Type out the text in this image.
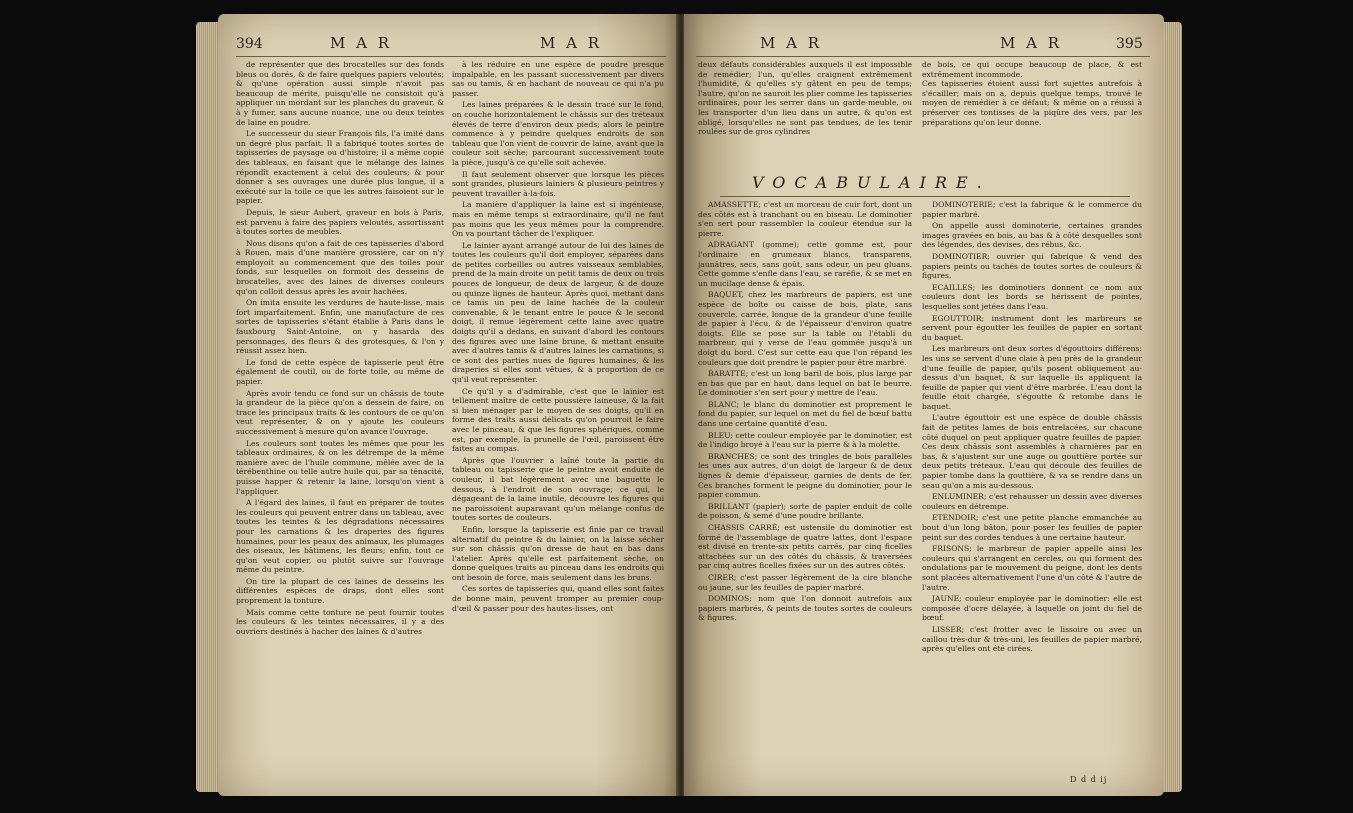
394	M A R	M A R

de représenter que des brocatelles sur des fonds bleus ou dorés, & de faire quelques papiers veloutés; & qu'une opération aussi simple n'avoit pas beaucoup de mérite, puisqu'elle ne consistoit qu'à appliquer un mordant sur les planches du graveur, & à y fumer, sans aucune nuance, une ou deux teintes de laine en poudre.

Le successeur du sieur François fils, l'a imité dans un degré plus parfait. Il a fabriqué toutes sortes de tapisseries de paysage ou d'histoire; il a même copié des tableaux, en faisant que le mélange des laines répondît exactement à celui des couleurs; & pour donner à ses ouvrages une durée plus longue, il a exécuté sur la toile ce que les autres faisoient sur le papier.

Depuis, le sieur Aubert, graveur en bois à Paris, est parvenu à faire des papiers veloutés, assortissant à toutes sortes de meubles.

Nous disons qu'on a fait de ces tapisseries d'abord à Rouen, mais d'une manière grossière, car on n'y employoit au commencement que des toiles pour fonds, sur lesquelles on formoit des desseins de brocatelles, avec des laines de diverses couleurs qu'on colloit dessus après les avoir hachées.

On imita ensuite les verdures de haute-lisse, mais fort imparfaitement. Enfin, une manufacture de ces sortes de tapisseries s'étant établie à Paris dans le fauxbourg Saint-Antoine, on y hasarda des personnages, des fleurs & des grotesques, & l'on y réussit assez bien.

Le fond de cette espèce de tapisserie peut être également de coutil, ou de forte toile, ou même de papier.

Après avoir tendu ce fond sur un châssis de toute la grandeur de la pièce qu'on a dessein de faire, on trace les principaux traits & les contours de ce qu'on veut représenter, & on y ajoute les couleurs successivement à mesure qu'on avance l'ouvrage.

Les couleurs sont toutes les mêmes que pour les tableaux ordinaires, & on les détrempe de la même manière avec de l'huile commune, mêlée avec de la térébenthine ou telle autre huile qui, par sa ténacité, puisse happer & retenir la laine, lorsqu'on vient à l'appliquer.

A l'égard des laines, il faut en préparer de toutes les couleurs qui peuvent entrer dans un tableau, avec toutes les teintes & les dégradations nécessaires pour les carnations & les draperies des figures humaines, pour les peaux des animaux, les plumages des oiseaux, les bâtimens, les fleurs; enfin, tout ce qu'on veut copier, ou plutôt suivre sur l'ouvrage même du peintre.

On tire la plupart de ces laines de desseins les différentes espèces de draps, dont elles sont proprement la tonture.

Mais comme cette tonture ne peut fournir toutes les couleurs & les teintes nécessaires, il y a des ouvriers destinés à hacher des laines & d'autres

à les réduire en une espèce de poudre presque impalpable, en les passant successivement par divers sas ou tamis, & en hachant de nouveau ce qui n'a pu passer.

Les laines préparées & le dessin tracé sur le fond, on couche horizontalement le châssis sur des tréteaux élevés de terre d'environ deux pieds; alors le peintre commence à y peindre quelques endroits de son tableau que l'on vient de couvrir de laine, avant que la couleur soit sèche; parcourant successivement toute la pièce, jusqu'à ce qu'elle soit achevée.

Il faut seulement observer que lorsque les pièces sont grandes, plusieurs lainiers & plusieurs peintres y peuvent travailler à-la-fois.

La manière d'appliquer la laine est si ingénieuse, mais en même temps si extraordinaire, qu'il ne faut pas moins que les yeux mêmes pour la comprendre. On va pourtant tâcher de l'expliquer.

Le lainier ayant arrangé autour de lui des laines de toutes les couleurs qu'il doit employer, séparées dans de petites corbeilles ou autres vaisseaux semblables, prend de la main droite un petit tamis de deux ou trois pouces de longueur, de deux de largeur, & de douze ou quinze lignes de hauteur. Après quoi, mettant dans ce tamis un peu de laine hachée de la couleur convenable, & le tenant entre le pouce & le second doigt, il remue légèrement cette laine avec quatre doigts qu'il a dedans, en suivant d'abord les contours des figures avec une laine brune, & mettant ensuite avec d'autres tamis & d'autres laines les carnations, si ce sont des parties nues de figures humaines, & les draperies si elles sont vêtues, & à proportion de ce qu'il veut représenter.

Ce qu'il y a d'admirable, c'est que le lainier est tellement maître de cette poussière laineuse, & la fait si bien ménager par le moyen de ses doigts, qu'il en forme des traits aussi délicats qu'on pourroit le faire avec le pinceau, & que les figures sphériques, comme est, par exemple, la prunelle de l'œil, paroissent être faites au compas.

Après que l'ouvrier a laîné toute la partie du tableau ou tapisserie que le peintre avoit enduite de couleur, il bat légèrement avec une baguette le dessous, à l'endroit de son ouvrage; ce qui, le dégageant de la laine inutile, découvre les figures qui ne paroissoient auparavant qu'un mélange confus de toutes sortes de couleurs.

Enfin, lorsque la tapisserie est finie par ce travail alternatif du peintre & du lainier, on la laisse sécher sur son châssis qu'on dresse de haut en bas dans l'atelier. Après qu'elle est parfaitement sèche, on donne quelques traits au pinceau dans les endroits qui ont besoin de force, mais seulement dans les bruns.

Ces sortes de tapisseries qui, quand elles sont faites de bonne main, peuvent tromper au premier coup-d'œil & passer pour des hautes-lisses, ont

M A R	M A R	395
deux défauts considérables auxquels il est impossible de remédier; l'un, qu'elles craignent extrêmement l'humidité, & qu'elles s'y gâtent en peu de temps; l'autre, qu'on ne sauroit les plier comme les tapisseries ordinaires, pour les serrer dans un garde-meuble, ou les transporter d'un lieu dans un autre, & qu'on est obligé, lorsqu'elles ne sont pas tendues, de les tenir roulées sur de gros cylindres
de bois, ce qui occupe beaucoup de place, & est extrêmement incommode.
Ces tapisseries étoient aussi fort sujettes autrefois à s'écailler; mais on a, depuis quelque temps, trouvé le moyen de remédier à ce défaut; & même on a réussi à préserver ces tontisses de la piqûre des vers, par les préparations qu'on leur donne.
VOCABULAIRE.

AMASSETTE; c'est un morceau de cuir fort, dont un des côtés est à tranchant ou en biseau. Le dominotier s'en sert pour rassembler la couleur étendue sur la pierre.

ADRAGANT (gomme); cette gomme est, pour l'ordinaire en grumeaux blancs, transparens, jaunâtres, secs, sans goût, sans odeur, un peu gluans. Cette gomme s'enfle dans l'eau, se raréfie, & se met en un mucilage dense & épais.

BAQUET, chez les marbreurs de papiers, est une espèce de boîte ou caisse de bois, plate, sans couvercle, carrée, longue de la grandeur d'une feuille de papier à l'écu, & de l'épaisseur d'environ quatre doigts. Elle se pose sur la table ou l'établi du marbreur, qui y verse de l'eau gommée jusqu'à un doigt du bord. C'est sur cette eau que l'on répand les couleurs que doit prendre le papier pour être marbré.

BARATTE; c'est un long baril de bois, plus large par en bas que par en haut, dans lequel on bat le beurre. Le dominotier s'en sert pour y mettre de l'eau.

BLANC; le blanc du dominotier est proprement le fond du papier, sur lequel on met du fiel de bœuf battu dans une certaine quantité d'eau.

BLEU; cette couleur employée par le dominotier, est de l'indigo broyé à l'eau sur la pierre & à la molette.

BRANCHES; ce sont des tringles de bois parallèles les unes aux autres, d'un doigt de largeur & de deux lignes & demie d'épaisseur, garnies de dents de fer. Ces branches forment le peigne du dominotier, pour le papier commun.

BRILLANT (papier); sorte de papier enduit de colle de poisson, & semé d'une poudre brillante.

CHASSIS CARRÉ; est ustensile du dominotier est formé de l'assemblage de quatre lattes, dont l'espace est divisé en trente-six petits carrés, par cinq ficelles attachées sur un des côtés du châssis, & traversées par cinq autres ficelles fixées sur un des autres côtés.

CIRER; c'est passer légèrement de la cire blanche ou jaune, sur les feuilles de papier marbré.

DOMINOS; nom que l'on donnoit autrefois aux papiers marbrés, & peints de toutes sortes de couleurs & figures.

DOMINOTERIE; c'est la fabrique & le commerce du papier marbré.

On appelle aussi dominoterie, certaines grandes images gravées en bois, au bas & à côté desquelles sont des légendes, des devises, des rébus, &c.

DOMINOTIER; ouvrier qui fabrique & vend des papiers peints ou tachés de toutes sortes de couleurs & figures.

ECAILLES; les dominotiers donnent ce nom aux couleurs dont les bords se hérissent de pointes, lesquelles sont jetées dans l'eau.

EGOUTTOIR; instrument dont les marbreurs se servent pour égoutter les feuilles de papier en sortant du baquet.

Les marbreurs ont deux sortes d'égouttoirs différens: les uns se servent d'une claie à peu près de la grandeur d'une feuille de papier, qu'ils posent obliquement au-dessus d'un baquet, & sur laquelle ils appliquent la feuille de papier qui vient d'être marbrée. L'eau dont la feuille étoit chargée, s'égoutte & retombe dans le baquet.

L'autre égouttoir est une espèce de double châssis fait de petites lames de bois entrelacées, sur chacune côté duquel on peut appliquer quatre feuilles de papier. Ces deux châssis sont assemblés à charnières par en bas, & s'ajustent sur une auge ou gouttière portée sur deux petits tréteaux. L'eau qui découle des feuilles de papier tombe dans la gouttière, & va se rendre dans un seau qu'on a mis au-dessous.

ENLUMINER; c'est rehausser un dessin avec diverses couleurs en détrempe.

ETENDOIR; c'est une petite planche emmanchée au bout d'un long bâton, pour poser les feuilles de papier peint sur des cordes tendues à une certaine hauteur.

FRISONS; le marbreur de papier appelle ainsi les couleurs qui s'arrangent en cercles, ou qui forment des ondulations par le mouvement du peigne, dont les dents sont placées alternativement l'une d'un côté & l'autre de l'autre.

JAUNE; couleur employée par le dominotier: elle est composée d'ocre délayée, à laquelle on joint du fiel de bœuf.

LISSER; c'est frotter avec le lissoire ou avec un caillou très-dur & très-uni, les feuilles de papier marbré, après qu'elles ont été cirées.

D d d ij
